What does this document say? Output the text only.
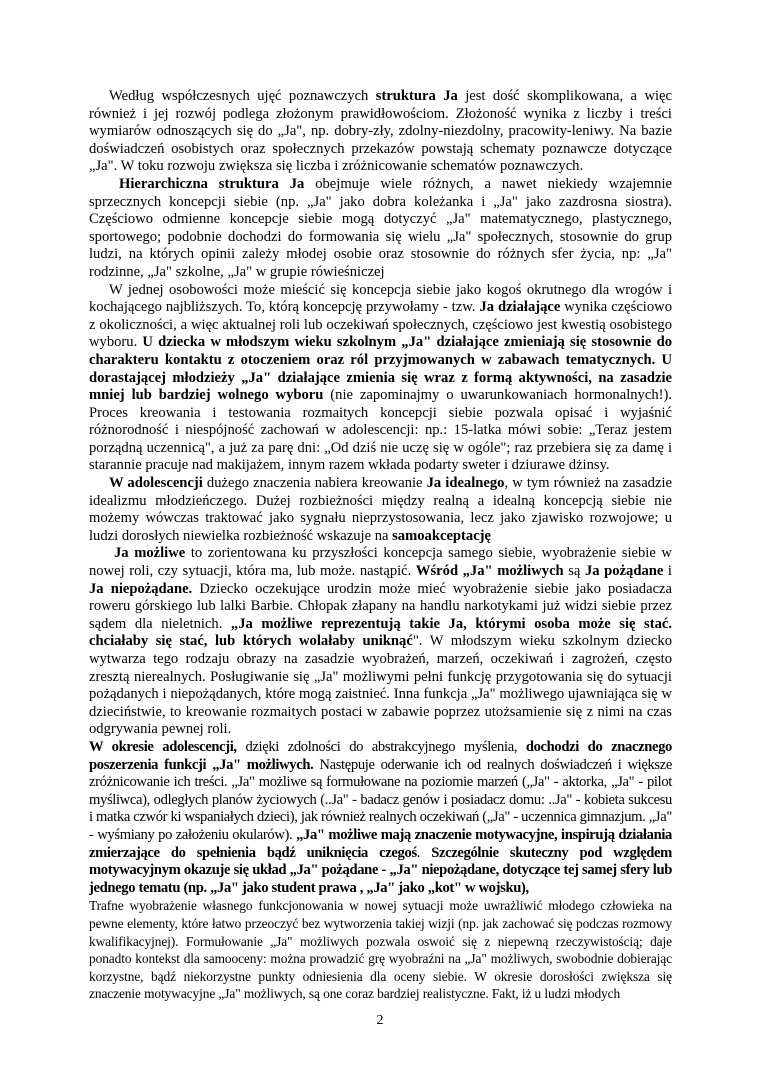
Według współczesnych ujęć poznawczych struktura Ja jest dość skomplikowana, a więc również i jej rozwój podlega złożonym prawidłowościom. Złożoność wynika z liczby i treści wymiarów odnoszących się do „Ja", np. dobry-zły, zdolny-niezdolny, pracowity-leniwy. Na bazie doświadczeń osobistych oraz społecznych przekazów powstają schematy poznawcze dotyczące „Ja". W toku rozwoju zwiększa się liczba i zróżnicowanie schematów poznawczych.

Hierarchiczna struktura Ja obejmuje wiele różnych, a nawet niekiedy wzajemnie sprzecznych koncepcji siebie (np. „Ja" jako dobra koleżanka i „Ja" jako zazdrosna siostra). Częściowo odmienne koncepcje siebie mogą dotyczyć „Ja" matematycznego, plastycznego, sportowego; podobnie dochodzi do formowania się wielu „Ja" społecznych, stosownie do grup ludzi, na których opinii zależy młodej osobie oraz stosownie do różnych sfer życia, np: „Ja" rodzinne, „Ja" szkolne, „Ja" w grupie rówieśniczej

W jednej osobowości może mieścić się koncepcja siebie jako kogoś okrutnego dla wrogów i kochającego najbliższych. To, którą koncepcję przywołamy - tzw. Ja działające wynika częściowo z okoliczności, a więc aktualnej roli lub oczekiwań społecznych, częściowo jest kwestią osobistego wyboru. U dziecka w młodszym wieku szkolnym „Ja" działające zmieniają się stosownie do charakteru kontaktu z otoczeniem oraz ról przyjmowanych w zabawach tematycznych. U dorastającej młodzieży „Ja" działające zmienia się wraz z formą aktywności, na zasadzie mniej lub bardziej wolnego wyboru (nie zapominajmy o uwarunkowaniach hormonalnych!). Proces kreowania i testowania rozmaitych koncepcji siebie pozwala opisać i wyjaśnić różnorodność i niespójność zachowań w adolescencji: np.: 15-latka mówi sobie: „Teraz jestem porządną uczennicą", a już za parę dni: „Od dziś nie uczę się w ogóle"; raz przebiera się za damę i starannie pracuje nad makijażem, innym razem wkłada podarty sweter i dziurawe dżinsy.

W adolescencji dużego znaczenia nabiera kreowanie Ja idealnego, w tym również na zasadzie idealizmu młodzieńczego. Dużej rozbieżności między realną a idealną koncepcją siebie nie możemy wówczas traktować jako sygnału nieprzystosowania, lecz jako zjawisko rozwojowe; u ludzi dorosłych niewielka rozbieżność wskazuje na samoakceptację

Ja możliwe to zorientowana ku przyszłości koncepcja samego siebie, wyobrażenie siebie w nowej roli, czy sytuacji, która ma, lub może. nastąpić. Wśród „Ja" możliwych są Ja pożądane i Ja niepożądane. Dziecko oczekujące urodzin może mieć wyobrażenie siebie jako posiadacza roweru górskiego lub lalki Barbie. Chłopak złapany na handlu narkotykami już widzi siebie przez sądem dla nieletnich. „Ja możliwe reprezentują takie Ja, którymi osoba może się stać. chciałaby się stać, lub których wolałaby uniknąć". W młodszym wieku szkolnym dziecko wytwarza tego rodzaju obrazy na zasadzie wyobrażeń, marzeń, oczekiwań i zagrożeń, często zresztą nierealnych. Posługiwanie się „Ja" możliwymi pełni funkcję przygotowania się do sytuacji pożądanych i niepożądanych, które mogą zaistnieć. Inna funkcja „Ja" możliwego ujawniająca się w dzieciństwie, to kreowanie rozmaitych postaci w zabawie poprzez utożsamienie się z nimi na czas odgrywania pewnej roli.

W okresie adolescencji, dzięki zdolności do abstrakcyjnego myślenia, dochodzi do znacznego poszerzenia funkcji „Ja" możliwych. Następuje oderwanie ich od realnych doświadczeń i większe zróżnicowanie ich treści. „Ja" możliwe są formułowane na poziomie marzeń („Ja" - aktorka, „Ja" - pilot myśliwca), odległych planów życiowych (..Ja" - badacz genów i posiadacz domu: ..Ja" - kobieta sukcesu i matka czwór ki wspaniałych dzieci), jak również realnych oczekiwań („Ja" - uczennica gimnazjum. „Ja" - wyśmiany po założeniu okularów). „Ja" możliwe mają znaczenie motywacyjne, inspirują działania zmierzające do spełnienia bądź uniknięcia czegoś. Szczególnie skuteczny pod względem motywacyjnym okazuje się układ „Ja" pożądane - „Ja" niepożądane, dotyczące tej samej sfery lub jednego tematu (np. „Ja" jako student prawa , „Ja" jako „kot" w wojsku),

Trafne wyobrażenie własnego funkcjonowania w nowej sytuacji może uwrażliwić młodego człowieka na pewne elementy, które łatwo przeoczyć bez wytworzenia takiej wizji (np. jak zachować się podczas rozmowy kwalifikacyjnej). Formułowanie „Ja" możliwych pozwala oswoić się z niepewną rzeczywistością; daje ponadto kontekst dla samooceny: można prowadzić grę wyobraźni na „Ja" możliwych, swobodnie dobierając korzystne, bądź niekorzystne punkty odniesienia dla oceny siebie. W okresie dorosłości zwiększa się znaczenie motywacyjne „Ja" możliwych, są one coraz bardziej realistyczne. Fakt, iż u ludzi młodych

2
